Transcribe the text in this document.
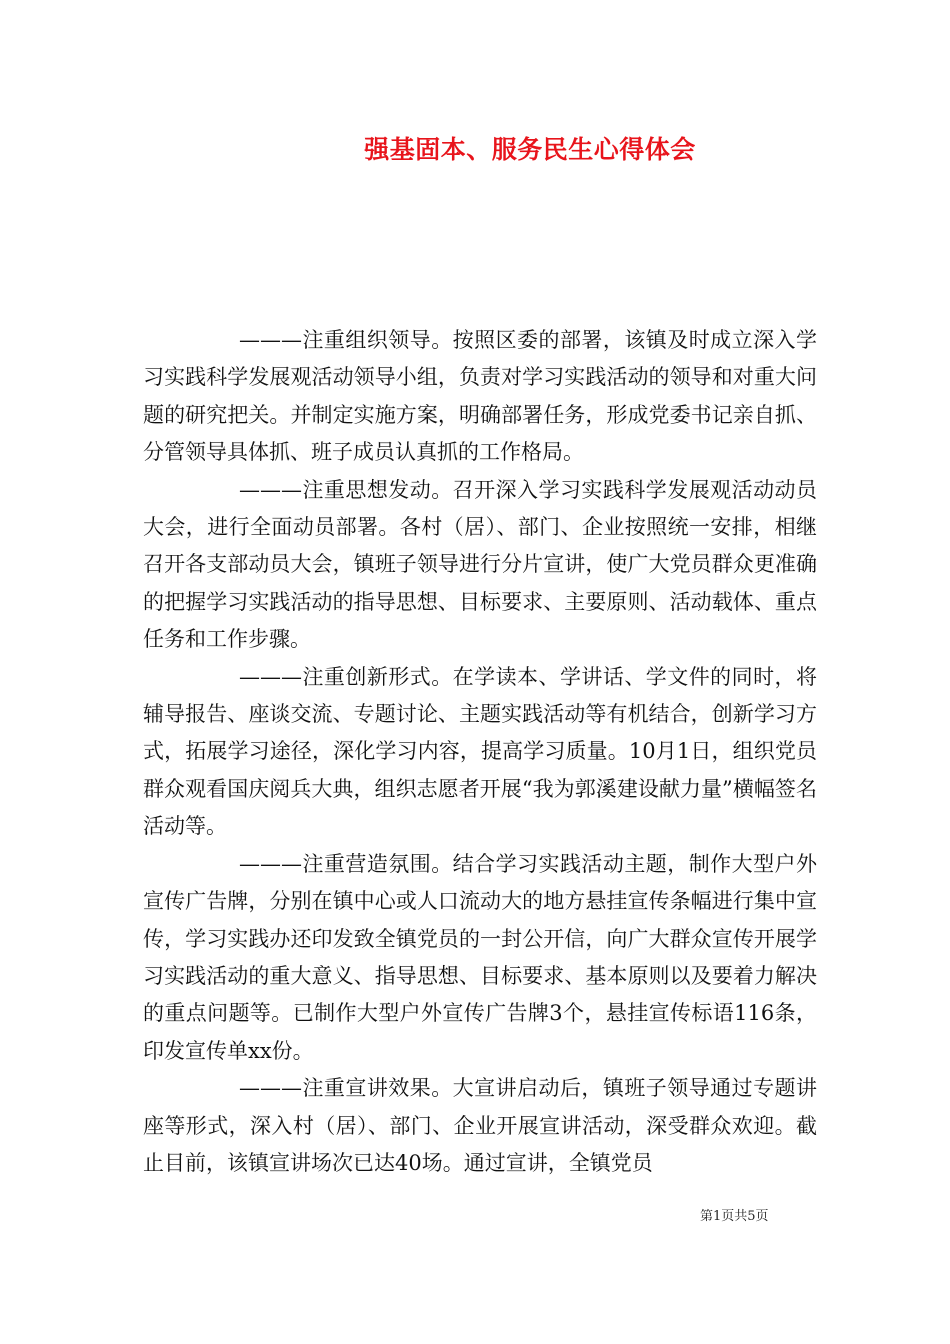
强基固本、服务民生心得体会

———注重组织领导。按照区委的部署，该镇及时成立深入学习实践科学发展观活动领导小组，负责对学习实践活动的领导和对重大问题的研究把关。并制定实施方案，明确部署任务，形成党委书记亲自抓、分管领导具体抓、班子成员认真抓的工作格局。

———注重思想发动。召开深入学习实践科学发展观活动动员大会，进行全面动员部署。各村（居）、部门、企业按照统一安排，相继召开各支部动员大会，镇班子领导进行分片宣讲，使广大党员群众更准确的把握学习实践活动的指导思想、目标要求、主要原则、活动载体、重点任务和工作步骤。

———注重创新形式。在学读本、学讲话、学文件的同时，将辅导报告、座谈交流、专题讨论、主题实践活动等有机结合，创新学习方式，拓展学习途径，深化学习内容，提高学习质量。10月1日，组织党员群众观看国庆阅兵大典，组织志愿者开展“我为郭溪建设献力量”横幅签名活动等。

———注重营造氛围。结合学习实践活动主题，制作大型户外宣传广告牌，分别在镇中心或人口流动大的地方悬挂宣传条幅进行集中宣传，学习实践办还印发致全镇党员的一封公开信，向广大群众宣传开展学习实践活动的重大意义、指导思想、目标要求、基本原则以及要着力解决的重点问题等。已制作大型户外宣传广告牌3个，悬挂宣传标语116条，印发宣传单xx份。

———注重宣讲效果。大宣讲启动后，镇班子领导通过专题讲座等形式，深入村（居）、部门、企业开展宣讲活动，深受群众欢迎。截止目前，该镇宣讲场次已达40场。通过宣讲，全镇党员

第1页共5页
